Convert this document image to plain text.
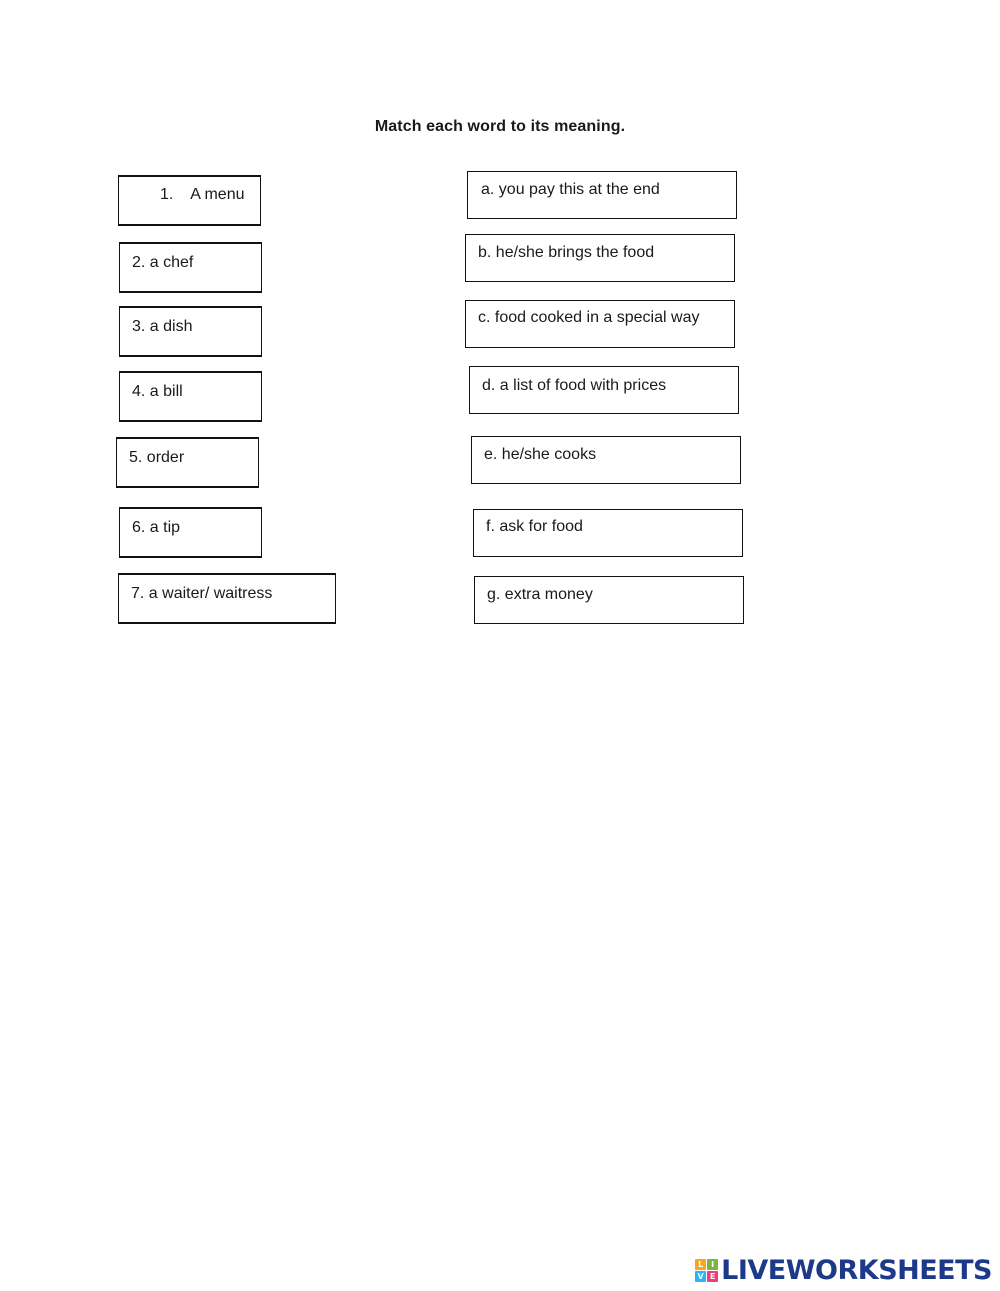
Match each word to its meaning.
1.    A menu
2. a chef
3. a dish
4. a bill
5. order
6. a tip
7. a waiter/ waitress
a. you pay this at the end
b. he/she brings the food
c. food cooked in a special way
d. a list of food with prices
e. he/she cooks
f. ask for food
g. extra money
L I
V E LIVEWORKSHEETS
